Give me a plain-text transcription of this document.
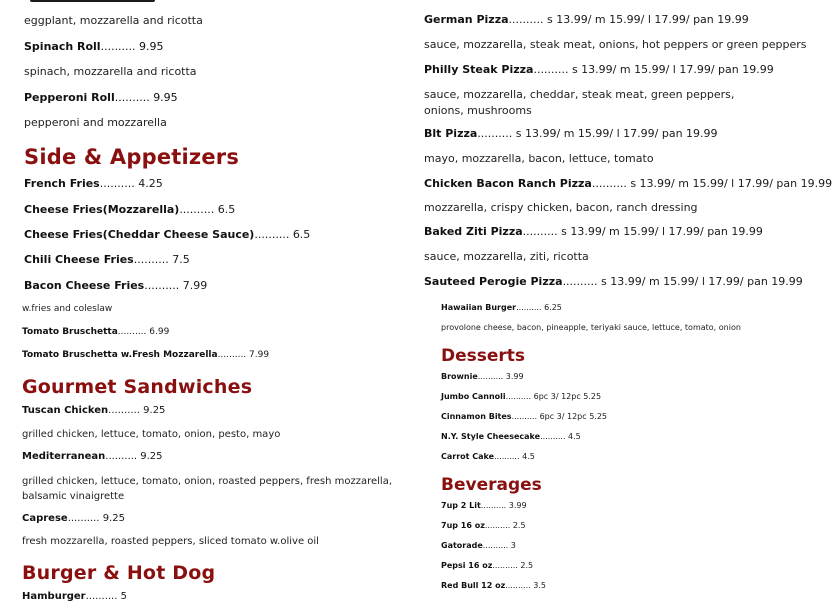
eggplant, mozzarella and ricotta
Spinach Roll.......... 9.95
spinach, mozzarella and ricotta
Pepperoni Roll.......... 9.95
pepperoni and mozzarella
Side & Appetizers
French Fries.......... 4.25
Cheese Fries(Mozzarella).......... 6.5
Cheese Fries(Cheddar Cheese Sauce).......... 6.5
Chili Cheese Fries.......... 7.5
Bacon Cheese Fries.......... 7.99
w.fries and coleslaw
Tomato Bruschetta.......... 6.99
Tomato Bruschetta w.Fresh Mozzarella.......... 7.99
Gourmet Sandwiches
Tuscan Chicken.......... 9.25
grilled chicken, lettuce, tomato, onion, pesto, mayo
Mediterranean.......... 9.25
grilled chicken, lettuce, tomato, onion, roasted peppers, fresh mozzarella, balsamic vinaigrette
Caprese.......... 9.25
fresh mozzarella, roasted peppers, sliced tomato w.olive oil
Burger & Hot Dog
Hamburger.......... 5
German Pizza.......... s 13.99/ m 15.99/ l 17.99/ pan 19.99
sauce, mozzarella, steak meat, onions, hot peppers or green peppers
Philly Steak Pizza.......... s 13.99/ m 15.99/ l 17.99/ pan 19.99
sauce, mozzarella, cheddar, steak meat, green peppers, onions, mushrooms
Blt Pizza.......... s 13.99/ m 15.99/ l 17.99/ pan 19.99
mayo, mozzarella, bacon, lettuce, tomato
Chicken Bacon Ranch Pizza.......... s 13.99/ m 15.99/ l 17.99/ pan 19.99
mozzarella, crispy chicken, bacon, ranch dressing
Baked Ziti Pizza.......... s 13.99/ m 15.99/ l 17.99/ pan 19.99
sauce, mozzarella, ziti, ricotta
Sauteed Perogie Pizza.......... s 13.99/ m 15.99/ l 17.99/ pan 19.99
Hawaiian Burger.......... 6.25
provolone cheese, bacon, pineapple, teriyaki sauce, lettuce, tomato, onion
Desserts
Brownie.......... 3.99
Jumbo Cannoli.......... 6pc 3/ 12pc 5.25
Cinnamon Bites.......... 6pc 3/ 12pc 5.25
N.Y. Style Cheesecake.......... 4.5
Carrot Cake.......... 4.5
Beverages
7up 2 Lit.......... 3.99
7up 16 oz.......... 2.5
Gatorade.......... 3
Pepsi 16 oz.......... 2.5
Red Bull 12 oz.......... 3.5
